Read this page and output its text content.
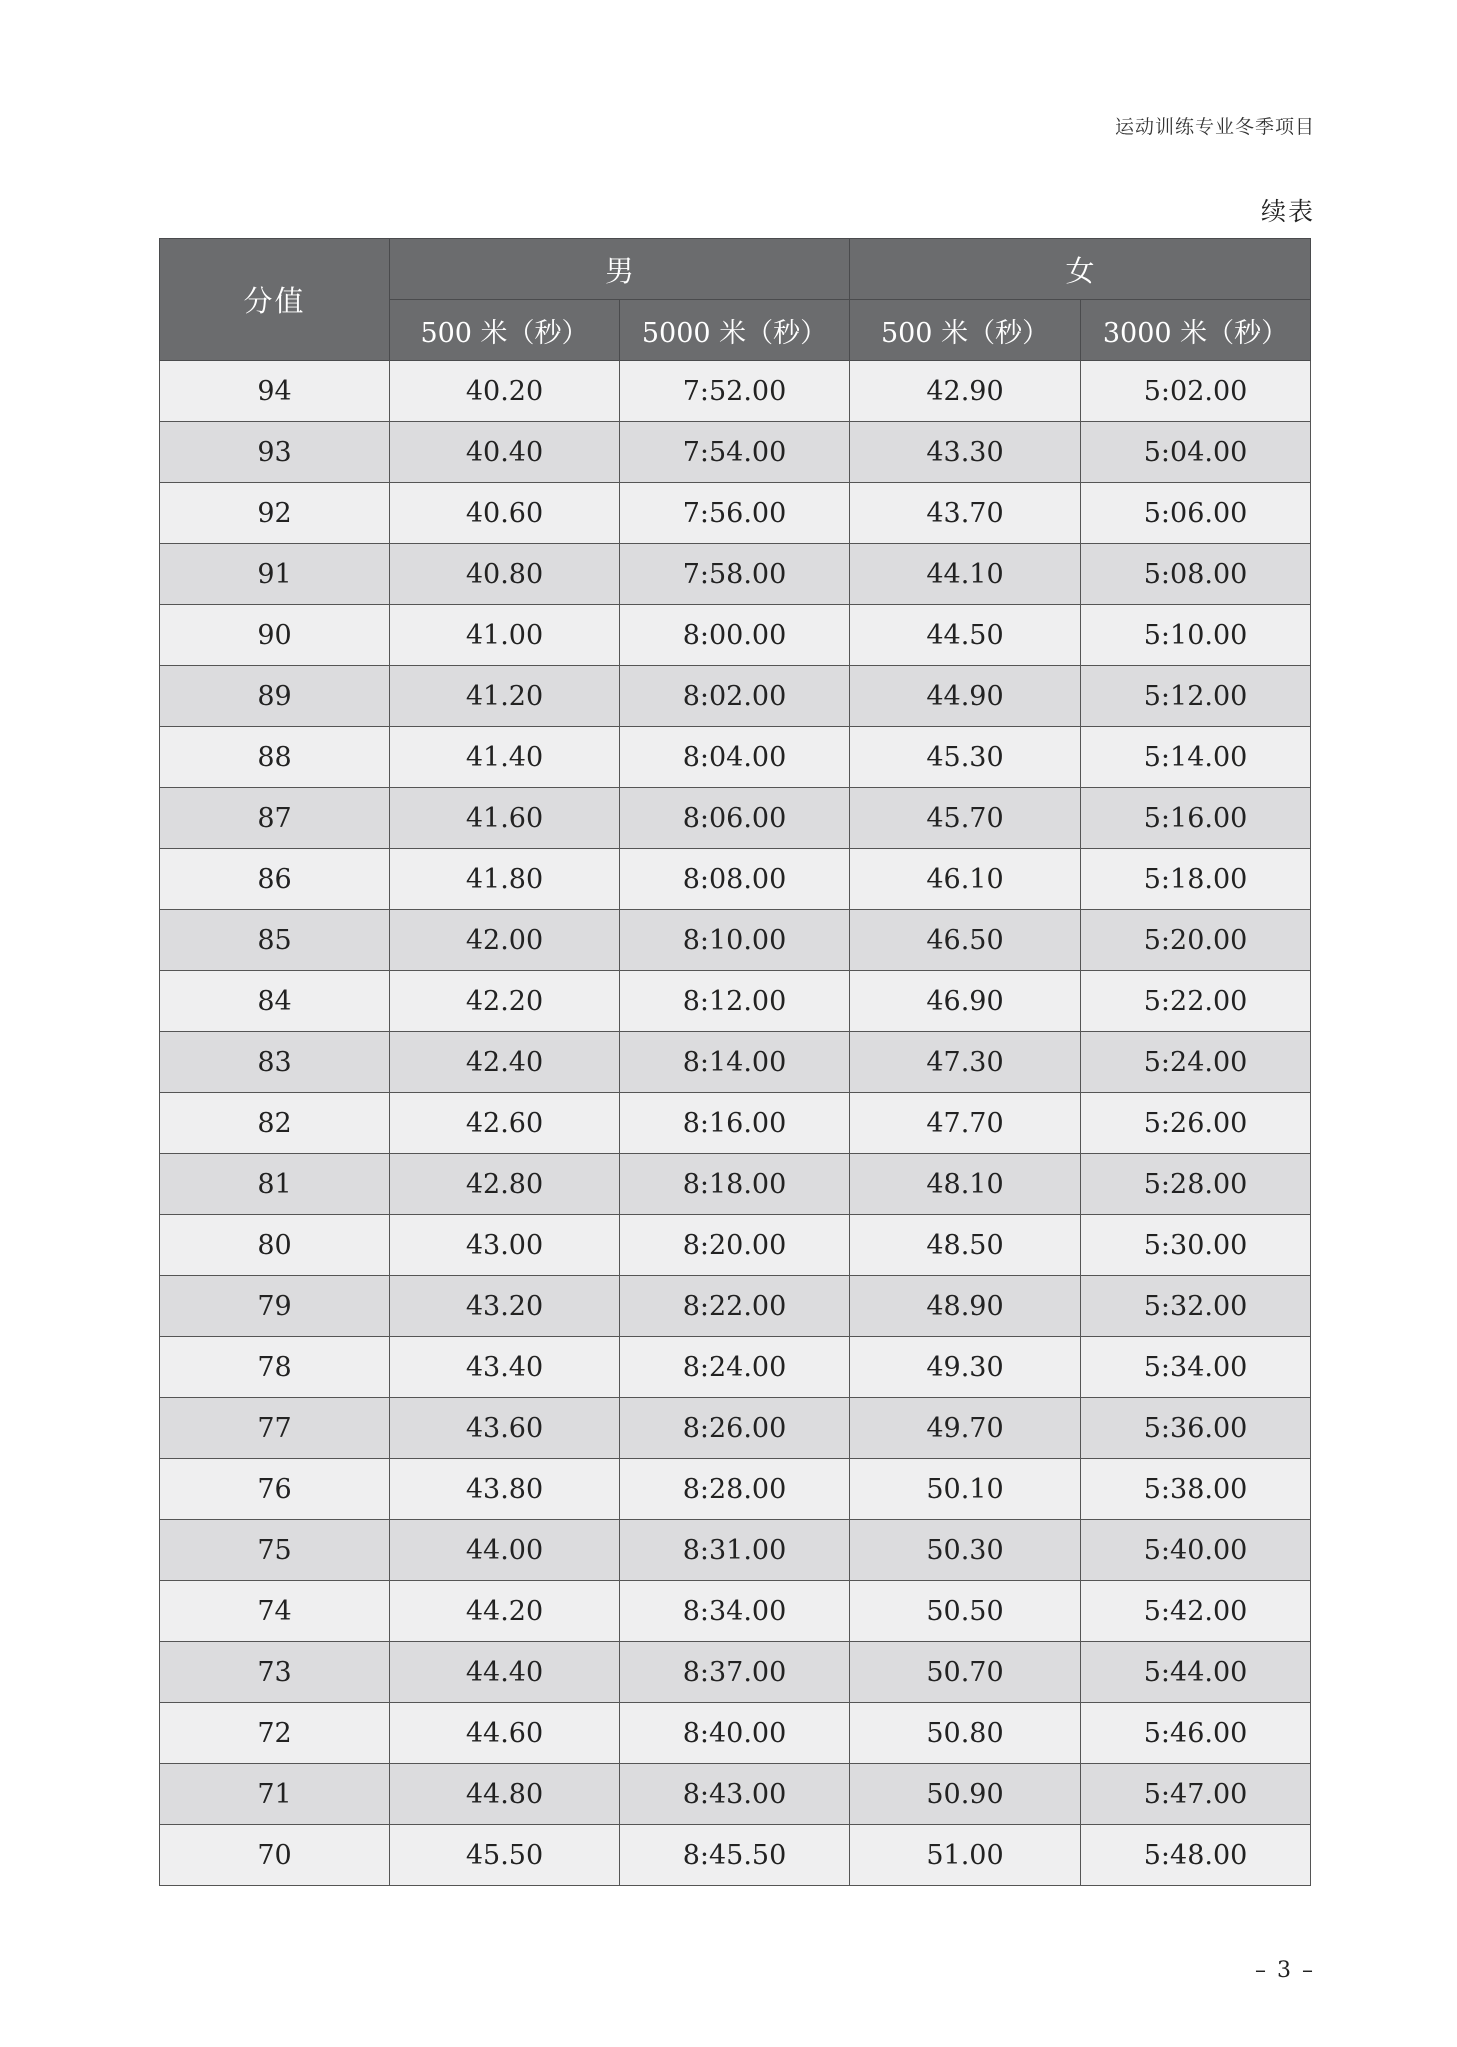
运动训练专业冬季项目
续表
分值	男		女	
	500 米（秒）	5000 米（秒）	500 米（秒）	3000 米（秒）
94	40.20	7:52.00	42.90	5:02.00
93	40.40	7:54.00	43.30	5:04.00
92	40.60	7:56.00	43.70	5:06.00
91	40.80	7:58.00	44.10	5:08.00
90	41.00	8:00.00	44.50	5:10.00
89	41.20	8:02.00	44.90	5:12.00
88	41.40	8:04.00	45.30	5:14.00
87	41.60	8:06.00	45.70	5:16.00
86	41.80	8:08.00	46.10	5:18.00
85	42.00	8:10.00	46.50	5:20.00
84	42.20	8:12.00	46.90	5:22.00
83	42.40	8:14.00	47.30	5:24.00
82	42.60	8:16.00	47.70	5:26.00
81	42.80	8:18.00	48.10	5:28.00
80	43.00	8:20.00	48.50	5:30.00
79	43.20	8:22.00	48.90	5:32.00
78	43.40	8:24.00	49.30	5:34.00
77	43.60	8:26.00	49.70	5:36.00
76	43.80	8:28.00	50.10	5:38.00
75	44.00	8:31.00	50.30	5:40.00
74	44.20	8:34.00	50.50	5:42.00
73	44.40	8:37.00	50.70	5:44.00
72	44.60	8:40.00	50.80	5:46.00
71	44.80	8:43.00	50.90	5:47.00
70	45.50	8:45.50	51.00	5:48.00
– 3 –
